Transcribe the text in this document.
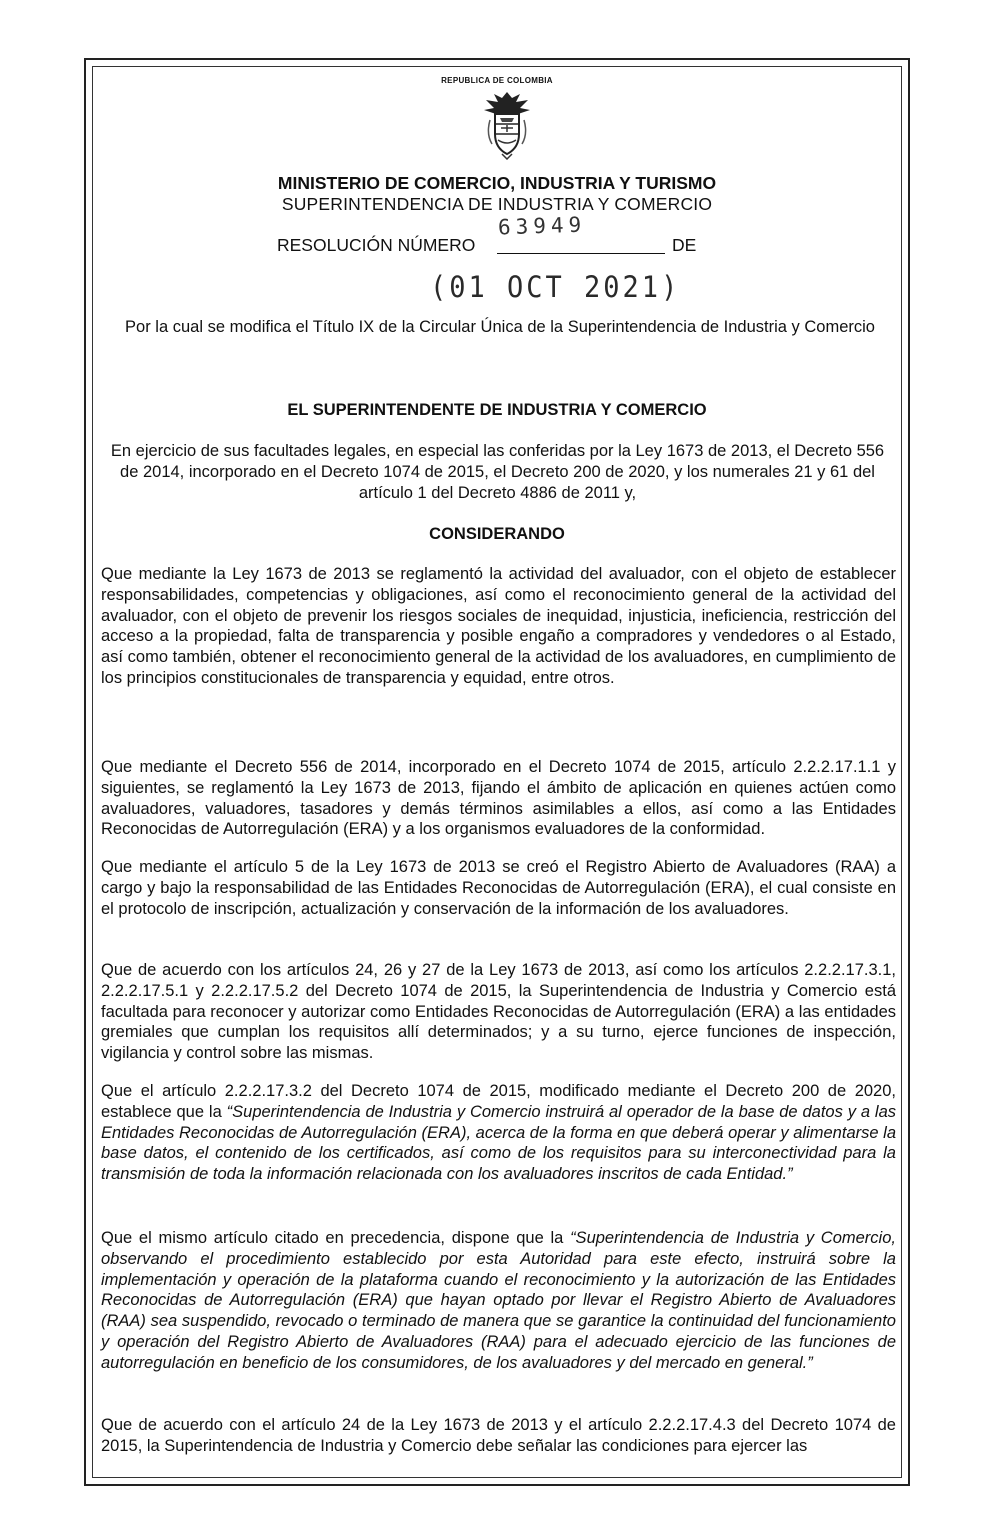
REPUBLICA DE COLOMBIA
MINISTERIO DE COMERCIO, INDUSTRIA Y TURISMO
SUPERINTENDENCIA DE INDUSTRIA Y COMERCIO
63949
RESOLUCIÓN NÚMERO	DE
(01 OCT 2021)
Por la cual se modifica el Título IX de la Circular Única de la Superintendencia de Industria y Comercio
EL SUPERINTENDENTE DE INDUSTRIA Y COMERCIO
En ejercicio de sus facultades legales, en especial las conferidas por la Ley 1673 de 2013, el Decreto 556 de 2014, incorporado en el Decreto 1074 de 2015, el Decreto 200 de 2020, y los numerales 21 y 61 del artículo 1 del Decreto 4886 de 2011 y,
CONSIDERANDO
Que mediante la Ley 1673 de 2013 se reglamentó la actividad del avaluador, con el objeto de establecer responsabilidades, competencias y obligaciones, así como el reconocimiento general de la actividad del avaluador, con el objeto de prevenir los riesgos sociales de inequidad, injusticia, ineficiencia, restricción del acceso a la propiedad, falta de transparencia y posible engaño a compradores y vendedores o al Estado, así como también, obtener el reconocimiento general de la actividad de los avaluadores, en cumplimiento de los principios constitucionales de transparencia y equidad, entre otros.
Que mediante el Decreto 556 de 2014, incorporado en el Decreto 1074 de 2015, artículo 2.2.2.17.1.1 y siguientes, se reglamentó la Ley 1673 de 2013, fijando el ámbito de aplicación en quienes actúen como avaluadores, valuadores, tasadores y demás términos asimilables a ellos, así como a las Entidades Reconocidas de Autorregulación (ERA) y a los organismos evaluadores de la conformidad.
Que mediante el artículo 5 de la Ley 1673 de 2013 se creó el Registro Abierto de Avaluadores (RAA) a cargo y bajo la responsabilidad de las Entidades Reconocidas de Autorregulación (ERA), el cual consiste en el protocolo de inscripción, actualización y conservación de la información de los avaluadores.
Que de acuerdo con los artículos 24, 26 y 27 de la Ley 1673 de 2013, así como los artículos 2.2.2.17.3.1, 2.2.2.17.5.1 y 2.2.2.17.5.2 del Decreto 1074 de 2015, la Superintendencia de Industria y Comercio está facultada para reconocer y autorizar como Entidades Reconocidas de Autorregulación (ERA) a las entidades gremiales que cumplan los requisitos allí determinados; y a su turno, ejerce funciones de inspección, vigilancia y control sobre las mismas.
Que el artículo 2.2.2.17.3.2 del Decreto 1074 de 2015, modificado mediante el Decreto 200 de 2020, establece que la “Superintendencia de Industria y Comercio instruirá al operador de la base de datos y a las Entidades Reconocidas de Autorregulación (ERA), acerca de la forma en que deberá operar y alimentarse la base datos, el contenido de los certificados, así como de los requisitos para su interconectividad para la transmisión de toda la información relacionada con los avaluadores inscritos de cada Entidad.”
Que el mismo artículo citado en precedencia, dispone que la “Superintendencia de Industria y Comercio, observando el procedimiento establecido por esta Autoridad para este efecto, instruirá sobre la implementación y operación de la plataforma cuando el reconocimiento y la autorización de las Entidades Reconocidas de Autorregulación (ERA) que hayan optado por llevar el Registro Abierto de Avaluadores (RAA) sea suspendido, revocado o terminado de manera que se garantice la continuidad del funcionamiento y operación del Registro Abierto de Avaluadores (RAA) para el adecuado ejercicio de las funciones de autorregulación en beneficio de los consumidores, de los avaluadores y del mercado en general.”
Que de acuerdo con el artículo 24 de la Ley 1673 de 2013 y el artículo 2.2.2.17.4.3 del Decreto 1074 de 2015, la Superintendencia de Industria y Comercio debe señalar las condiciones para ejercer las
